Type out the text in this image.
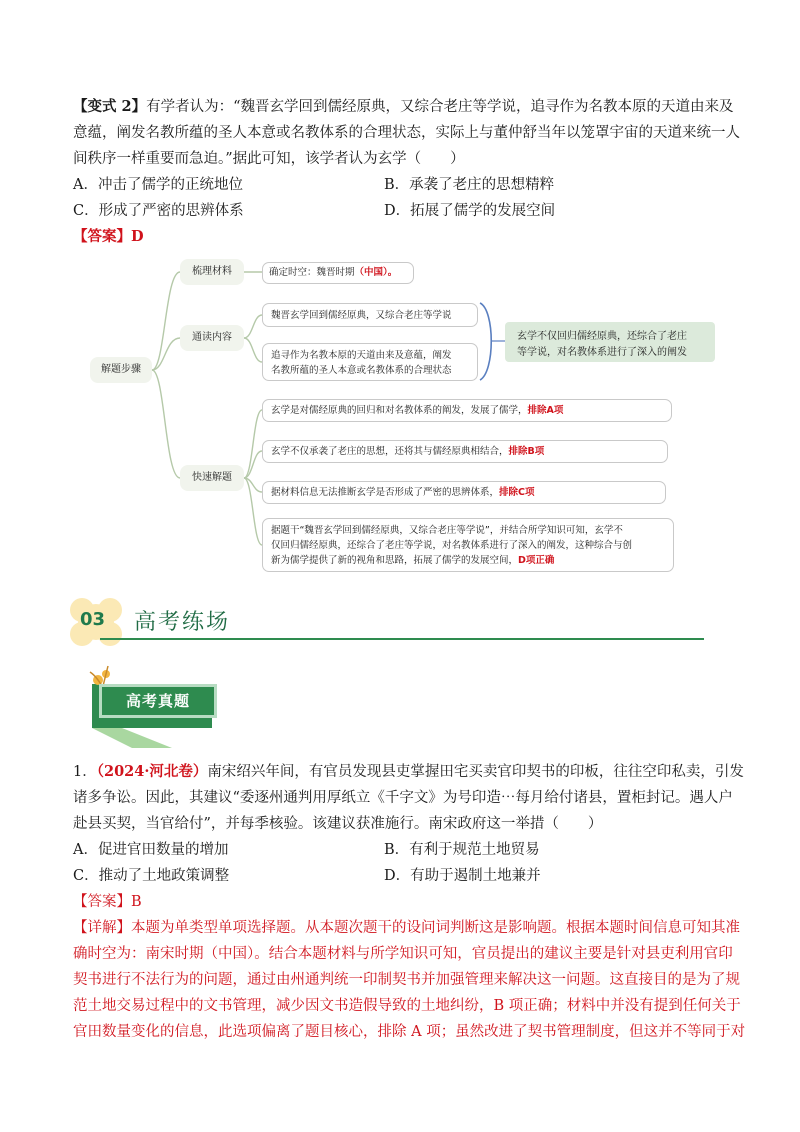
【变式 2】有学者认为：“魏晋玄学回到儒经原典，又综合老庄等学说，追寻作为名教本原的天道由来及
意蕴，阐发名教所蕴的圣人本意或名教体系的合理状态，实际上与董仲舒当年以笼罩宇宙的天道来统一人
间秩序一样重要而急迫。”据此可知，该学者认为玄学（　　）
A．冲击了儒学的正统地位	B．承袭了老庄的思想精粹
C．形成了严密的思辨体系	D．拓展了儒学的发展空间
【答案】D
解题步骤
梳理材料	确定时空：魏晋时期（中国）。
通读内容
魏晋玄学回到儒经原典，又综合老庄等学说
追寻作为名教本原的天道由来及意蕴，阐发
名教所蕴的圣人本意或名教体系的合理状态
玄学不仅回归儒经原典，还综合了老庄
等学说，对名教体系进行了深入的阐发
快速解题
玄学是对儒经原典的回归和对名教体系的阐发，发展了儒学，排除A项
玄学不仅承袭了老庄的思想，还将其与儒经原典相结合，排除B项
据材料信息无法推断玄学是否形成了严密的思辨体系，排除C项
据题干“魏晋玄学回到儒经原典，又综合老庄等学说”，并结合所学知识可知，玄学不
仅回归儒经原典，还综合了老庄等学说，对名教体系进行了深入的阐发，这种综合与创
新为儒学提供了新的视角和思路，拓展了儒学的发展空间，D项正确
03 高考练场
高考真题
1．（2024·河北卷）南宋绍兴年间，有官员发现县吏掌握田宅买卖官印契书的印板，往往空印私卖，引发
诸多争讼。因此，其建议“委逐州通判用厚纸立《千字文》为号印造⋯每月给付诸县，置柜封记。遇人户
赴县买契，当官给付”，并每季核验。该建议获准施行。南宋政府这一举措（　　）
A．促进官田数量的增加	B．有利于规范土地贸易
C．推动了土地政策调整	D．有助于遏制土地兼并
【答案】B
【详解】本题为单类型单项选择题。从本题次题干的设问词判断这是影响题。根据本题时间信息可知其准
确时空为：南宋时期（中国）。结合本题材料与所学知识可知，官员提出的建议主要是针对县吏利用官印
契书进行不法行为的问题，通过由州通判统一印制契书并加强管理来解决这一问题。这直接目的是为了规
范土地交易过程中的文书管理，减少因文书造假导致的土地纠纷，B 项正确；材料中并没有提到任何关于
官田数量变化的信息，此选项偏离了题目核心，排除 A 项；虽然改进了契书管理制度，但这并不等同于对
